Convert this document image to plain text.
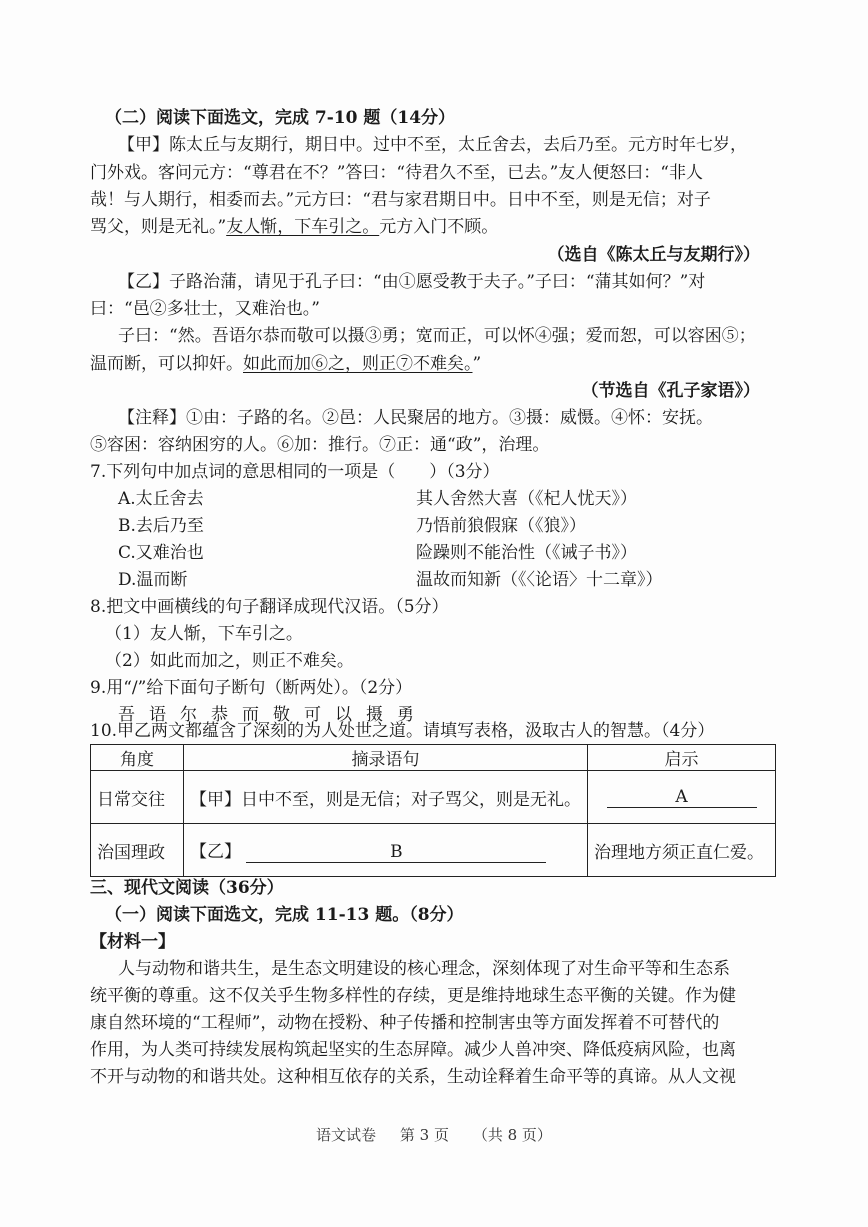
（二）阅读下面选文，完成 7-10 题（14分）
【甲】陈太丘与友期行，期日中。过中不至，太丘舍去，去后乃至。元方时年七岁，
门外戏。客问元方：“尊君在不？”答曰：“待君久不至，已去。”友人便怒曰：“非人
哉！与人期行，相委而去。”元方曰：“君与家君期日中。日中不至，则是无信；对子
骂父，则是无礼。”友人惭，下车引之。元方入门不顾。
（选自《陈太丘与友期行》）
【乙】子路治蒲，请见于孔子曰：“由①愿受教于夫子。”子曰：“蒲其如何？”对
曰：“邑②多壮士，又难治也。”
子曰：“然。吾语尔恭而敬可以摄③勇；宽而正，可以怀④强；爱而恕，可以容困⑤；
温而断，可以抑奸。如此而加⑥之，则正⑦不难矣。”
（节选自《孔子家语》）
【注释】①由：子路的名。②邑：人民聚居的地方。③摄：威慑。④怀：安抚。
⑤容困：容纳困穷的人。⑥加：推行。⑦正：通“政”，治理。
7.下列句中加点词的意思相同的一项是（　　）（3分）
A.太丘舍去	其人舍然大喜（《杞人忧天》）
B.去后乃至	乃悟前狼假寐（《狼》）
C.又难治也	险躁则不能治性（《诫子书》）
D.温而断	温故而知新（《〈论语〉十二章》）
8.把文中画横线的句子翻译成现代汉语。（5分）
（1）友人惭，下车引之。
（2）如此而加之，则正不难矣。
9.用“/”给下面句子断句（断两处）。（2分）
吾语尔恭而敬可以摄勇
10.甲乙两文都蕴含了深刻的为人处世之道。请填写表格，汲取古人的智慧。（4分）
角度	摘录语句	启示
日常交往	【甲】日中不至，则是无信；对子骂父，则是无礼。	A
治国理政	【乙】 B	治理地方须正直仁爱。
三、现代文阅读（36分）
（一）阅读下面选文，完成 11-13 题。（8分）
【材料一】
人与动物和谐共生，是生态文明建设的核心理念，深刻体现了对生命平等和生态系
统平衡的尊重。这不仅关乎生物多样性的存续，更是维持地球生态平衡的关键。作为健
康自然环境的“工程师”，动物在授粉、种子传播和控制害虫等方面发挥着不可替代的
作用，为人类可持续发展构筑起坚实的生态屏障。减少人兽冲突、降低疫病风险，也离
不开与动物的和谐共处。这种相互依存的关系，生动诠释着生命平等的真谛。从人文视
语文试卷 第 3 页 （共 8 页）
